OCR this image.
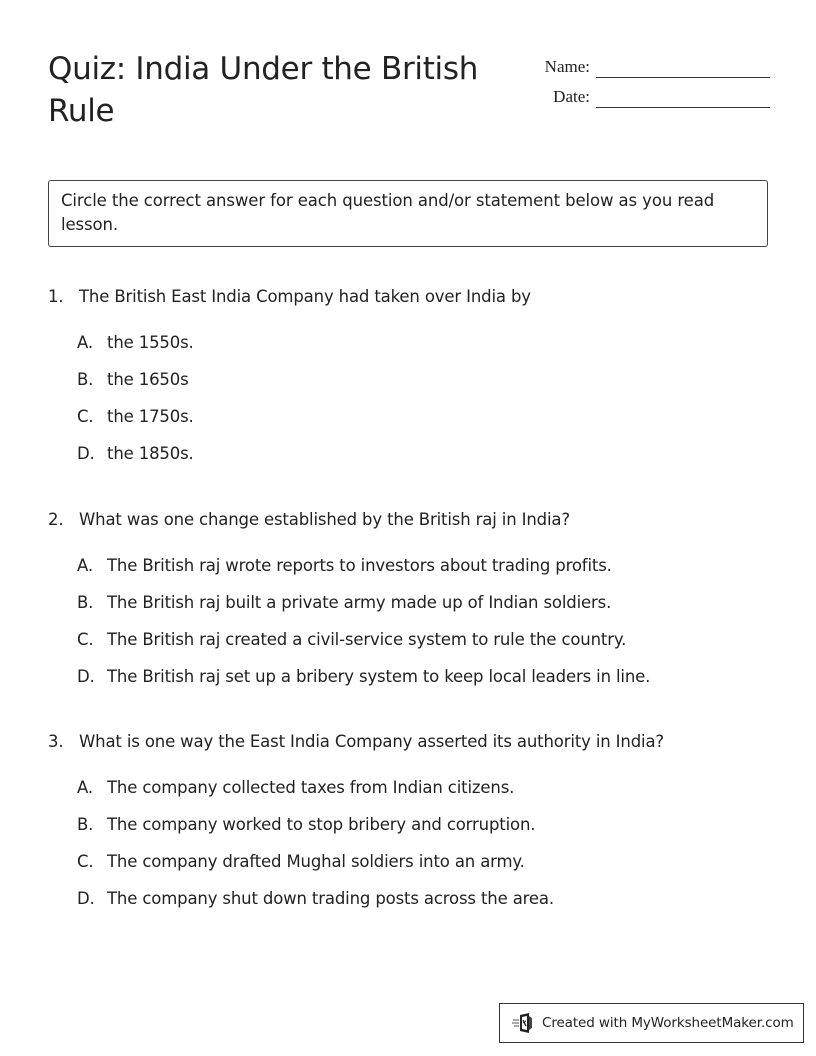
Quiz: India Under the British Rule
Name:
Date:
Circle the correct answer for each question and/or statement below as you read lesson.
1. The British East India Company had taken over India by
A. the 1550s.
B. the 1650s
C. the 1750s.
D. the 1850s.
2. What was one change established by the British raj in India?
A. The British raj wrote reports to investors about trading profits.
B. The British raj built a private army made up of Indian soldiers.
C. The British raj created a civil-service system to rule the country.
D. The British raj set up a bribery system to keep local leaders in line.
3. What is one way the East India Company asserted its authority in India?
A. The company collected taxes from Indian citizens.
B. The company worked to stop bribery and corruption.
C. The company drafted Mughal soldiers into an army.
D. The company shut down trading posts across the area.
Created with MyWorksheetMaker.com
